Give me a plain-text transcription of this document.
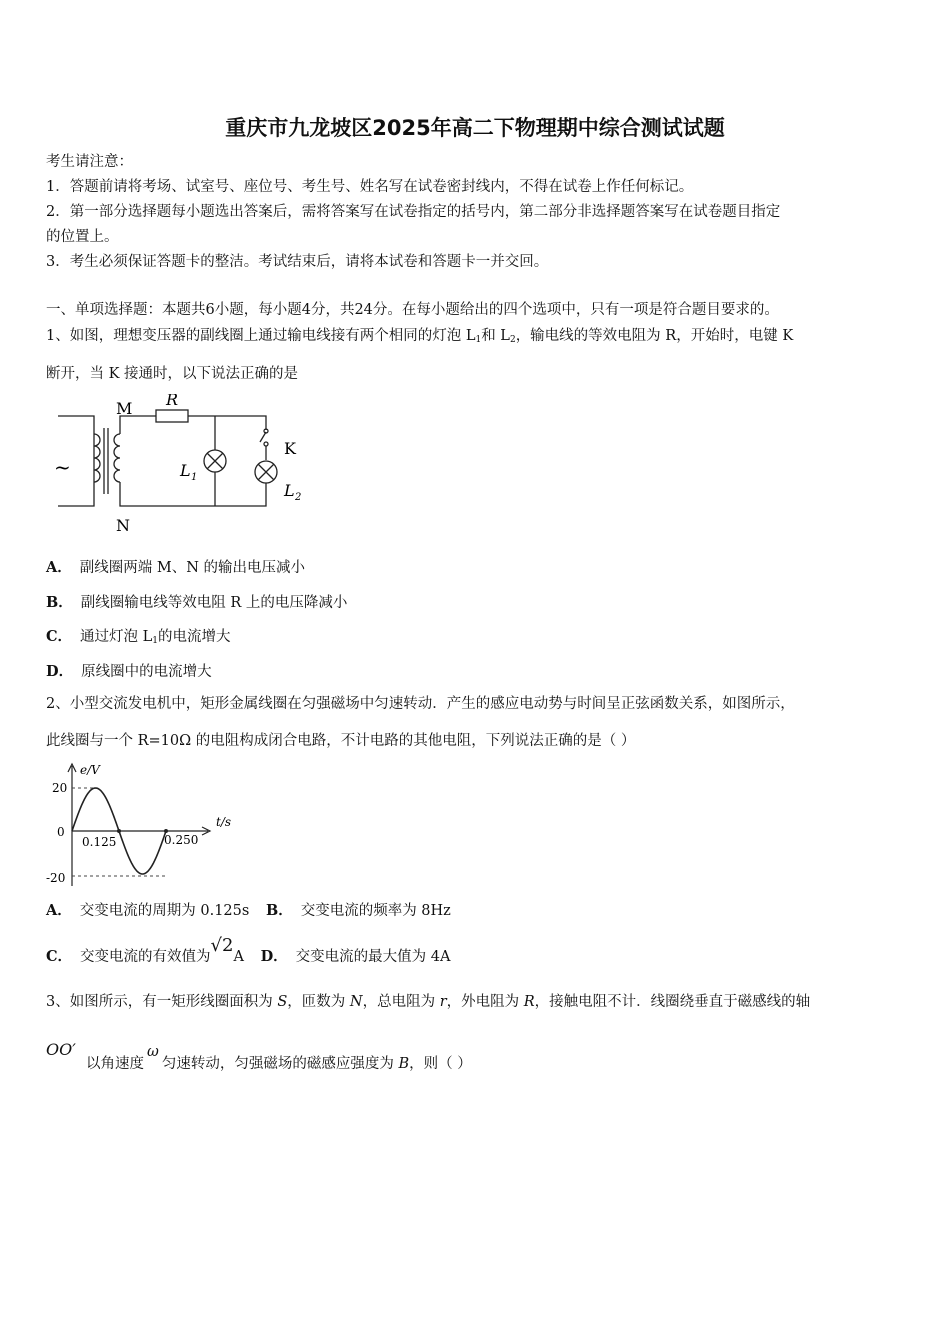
重庆市九龙坡区2025年高二下物理期中综合测试试题
考生请注意：
1．答题前请将考场、试室号、座位号、考生号、姓名写在试卷密封线内，不得在试卷上作任何标记。
2．第一部分选择题每小题选出答案后，需将答案写在试卷指定的括号内，第二部分非选择题答案写在试卷题目指定
的位置上。
3．考生必须保证答题卡的整洁。考试结束后，请将本试卷和答题卡一并交回。
一、单项选择题：本题共6小题，每小题4分，共24分。在每小题给出的四个选项中，只有一项是符合题目要求的。
1、如图，理想变压器的副线圈上通过输电线接有两个相同的灯泡 $L_1$和 $L_2$，输电线的等效电阻为 R，开始时，电键 K
断开，当 K 接通时，以下说法正确的是
~
M
N
R
K
L 1
L 2
A． 副线圈两端 M、N 的输出电压减小
B． 副线圈输电线等效电阻 R 上的电压降减小
C． 通过灯泡 $L_1$的电流增大
D． 原线圈中的电流增大
2、小型交流发电机中，矩形金属线圈在匀强磁场中匀速转动．产生的感应电动势与时间呈正弦函数关系，如图所示，
此线圈与一个 R=10Ω 的电阻构成闭合电路，不计电路的其他电阻，下列说法正确的是（ ）
e/V
t/s
20
0
-20
0.125	0.250
A． 交变电流的周期为 0.125s B． 交变电流的频率为 8Hz
C． 交变电流的有效值为√2A D． 交变电流的最大值为 4A
3、如图所示，有一矩形线圈面积为 S，匝数为 N，总电阻为 r，外电阻为 R，接触电阻不计．线圈绕垂直于磁感线的轴
OO′
以角速度ω匀速转动，匀强磁场的磁感应强度为 B，则（ ）
